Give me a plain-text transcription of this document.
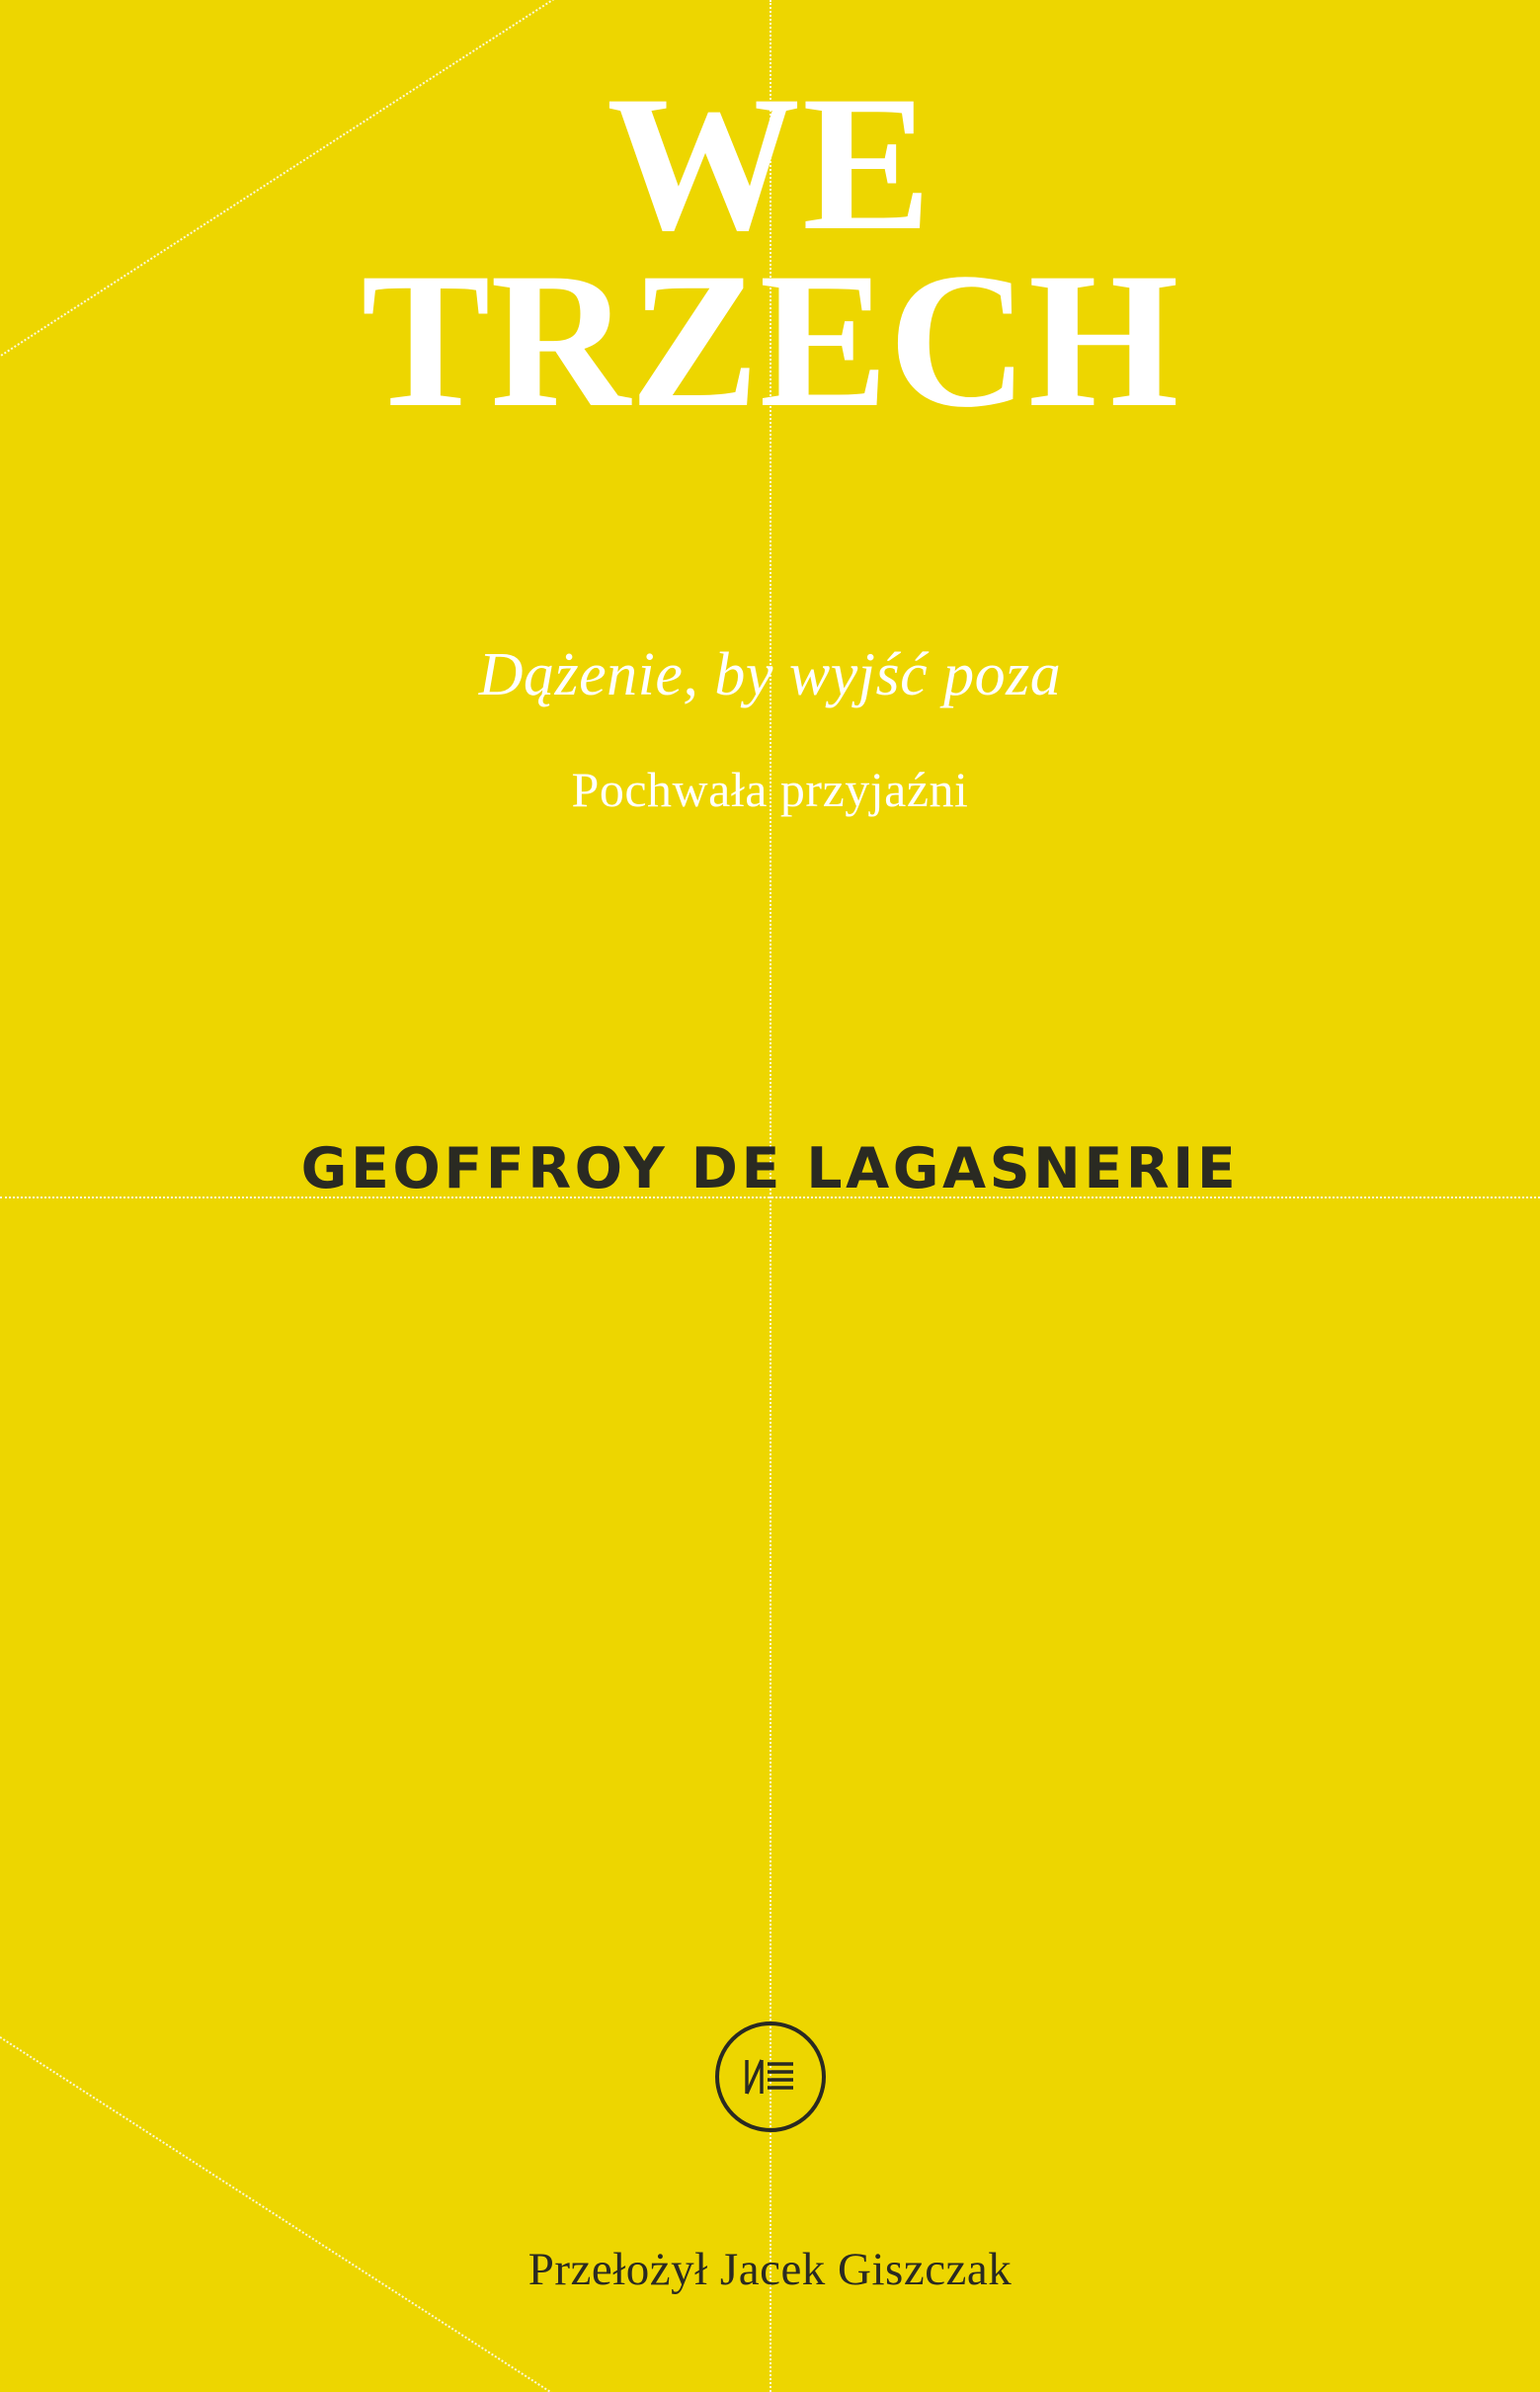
WE
TRZECH
Dążenie, by wyjść poza
Pochwała przyjaźni
GEOFFROY DE LAGASNERIE
Przełożył Jacek Giszczak
